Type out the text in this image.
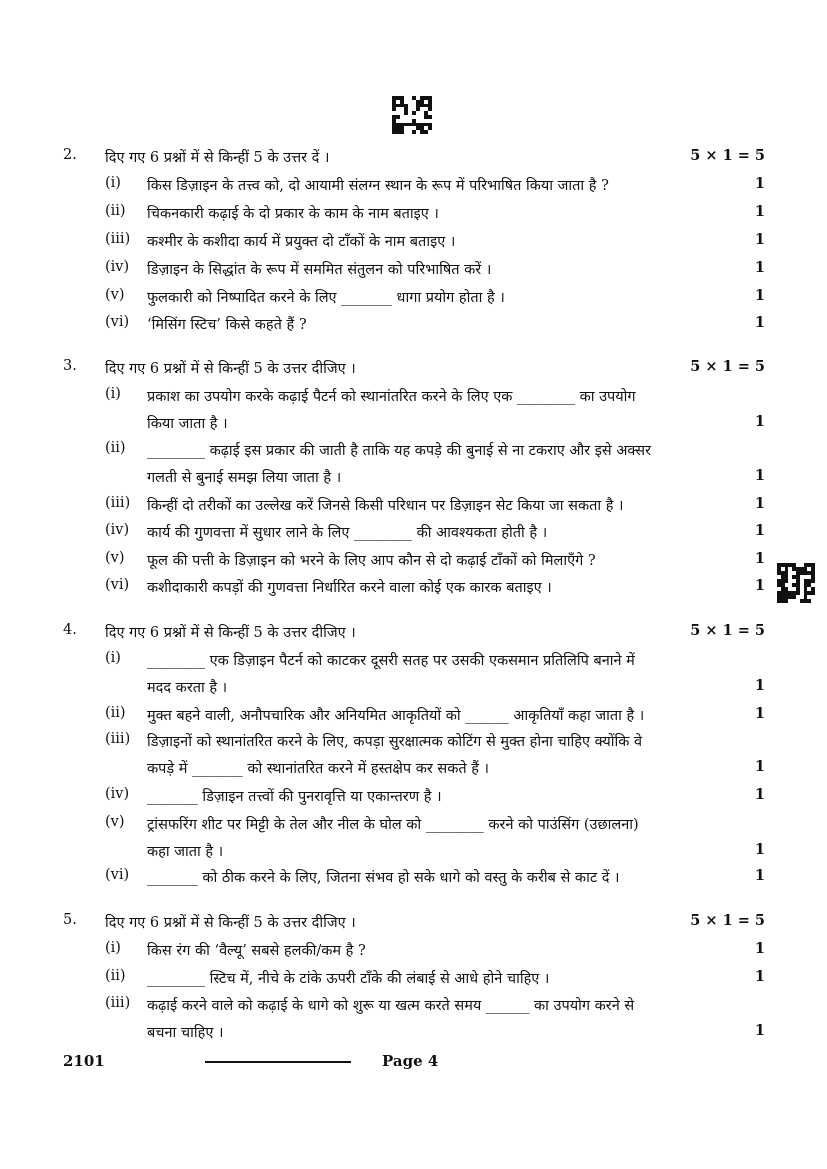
2. दिए गए 6 प्रश्नों में से किन्हीं 5 के उत्तर दें ।	5 × 1 = 5
(i) किस डिज़ाइन के तत्त्व को, दो आयामी संलग्न स्थान के रूप में परिभाषित किया जाता है ?	1
(ii) चिकनकारी कढ़ाई के दो प्रकार के काम के नाम बताइए ।	1
(iii) कश्मीर के कशीदा कार्य में प्रयुक्त दो टाँकों के नाम बताइए ।	1
(iv) डिज़ाइन के सिद्धांत के रूप में सममित संतुलन को परिभाषित करें ।	1
(v) फुलकारी को निष्पादित करने के लिए _______ धागा प्रयोग होता है ।	1
(vi) ‘मिसिंग स्टिच’ किसे कहते हैं ?	1
3. दिए गए 6 प्रश्नों में से किन्हीं 5 के उत्तर दीजिए ।	5 × 1 = 5
(i) प्रकाश का उपयोग करके कढ़ाई पैटर्न को स्थानांतरित करने के लिए एक ________ का उपयोग
किया जाता है ।	1
(ii) ________ कढ़ाई इस प्रकार की जाती है ताकि यह कपड़े की बुनाई से ना टकराए और इसे अक्सर
गलती से बुनाई समझ लिया जाता है ।	1
(iii) किन्हीं दो तरीकों का उल्लेख करें जिनसे किसी परिधान पर डिज़ाइन सेट किया जा सकता है ।	1
(iv) कार्य की गुणवत्ता में सुधार लाने के लिए ________ की आवश्यकता होती है ।	1
(v) फूल की पत्ती के डिज़ाइन को भरने के लिए आप कौन से दो कढ़ाई टाँकों को मिलाएँगे ?	1
(vi) कशीदाकारी कपड़ों की गुणवत्ता निर्धारित करने वाला कोई एक कारक बताइए ।	1
4. दिए गए 6 प्रश्नों में से किन्हीं 5 के उत्तर दीजिए ।	5 × 1 = 5
(i) ________ एक डिज़ाइन पैटर्न को काटकर दूसरी सतह पर उसकी एकसमान प्रतिलिपि बनाने में
मदद करता है ।	1
(ii) मुक्त बहने वाली, अनौपचारिक और अनियमित आकृतियों को ______ आकृतियाँ कहा जाता है ।	1
(iii) डिज़ाइनों को स्थानांतरित करने के लिए, कपड़ा सुरक्षात्मक कोटिंग से मुक्त होना चाहिए क्योंकि वे
कपड़े में _______ को स्थानांतरित करने में हस्तक्षेप कर सकते हैं ।	1
(iv) _______ डिज़ाइन तत्त्वों की पुनरावृत्ति या एकान्तरण है ।	1
(v) ट्रांसफरिंग शीट पर मिट्टी के तेल और नील के घोल को ________ करने को पाउंसिंग (उछालना)
कहा जाता है ।	1
(vi) _______ को ठीक करने के लिए, जितना संभव हो सके धागे को वस्तु के करीब से काट दें ।	1
5. दिए गए 6 प्रश्नों में से किन्हीं 5 के उत्तर दीजिए ।	5 × 1 = 5
(i) किस रंग की ‘वैल्यू’ सबसे हलकी/कम है ?	1
(ii) ________ स्टिच में, नीचे के टांके ऊपरी टाँके की लंबाई से आधे होने चाहिए ।	1
(iii) कढ़ाई करने वाले को कढ़ाई के धागे को शुरू या खत्म करते समय ______ का उपयोग करने से
बचना चाहिए ।	1
2101	Page 4
